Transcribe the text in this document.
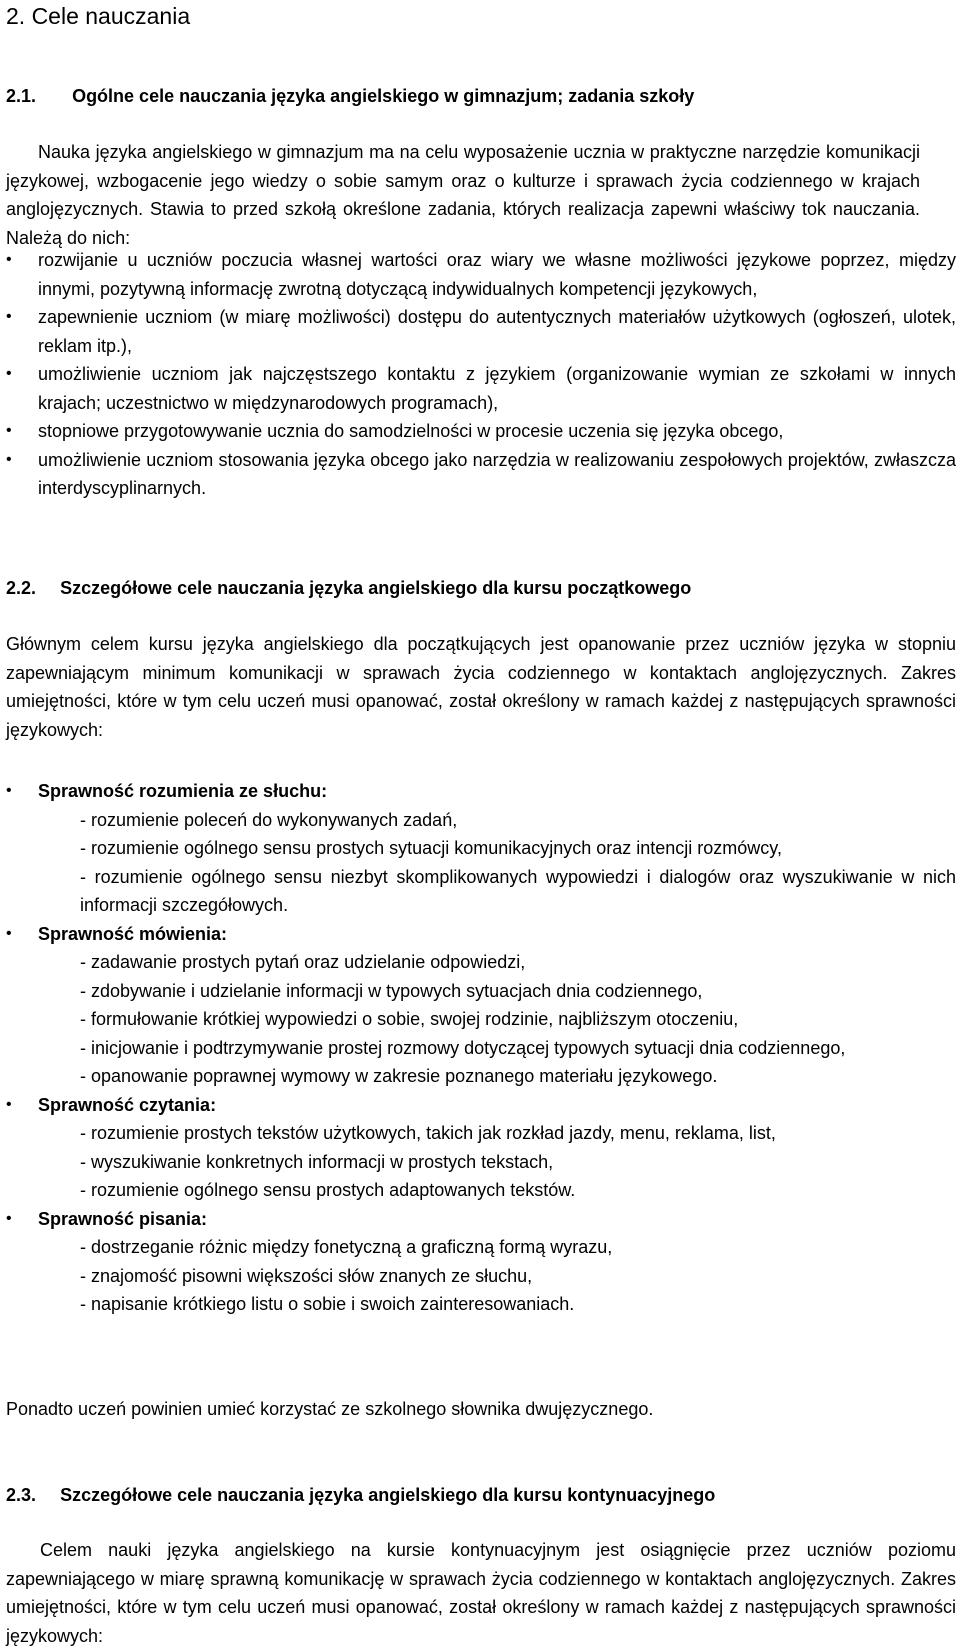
2. Cele nauczania
2.1. Ogólne cele nauczania języka angielskiego w gimnazjum; zadania szkoły
Nauka języka angielskiego w gimnazjum ma na celu wyposażenie ucznia w praktyczne narzędzie komunikacji językowej, wzbogacenie jego wiedzy o sobie samym oraz o kulturze i sprawach życia codziennego w krajach anglojęzycznych. Stawia to przed szkołą określone zadania, których realizacja zapewni właściwy tok nauczania. Należą do nich:
• rozwijanie u uczniów poczucia własnej wartości oraz wiary we własne możliwości językowe poprzez, między innymi, pozytywną informację zwrotną dotyczącą indywidualnych kompetencji językowych,
• zapewnienie uczniom (w miarę możliwości) dostępu do autentycznych materiałów użytkowych (ogłoszeń, ulotek, reklam itp.),
• umożliwienie uczniom jak najczęstszego kontaktu z językiem (organizowanie wymian ze szkołami w innych krajach; uczestnictwo w międzynarodowych programach),
• stopniowe przygotowywanie ucznia do samodzielności w procesie uczenia się języka obcego,
• umożliwienie uczniom stosowania języka obcego jako narzędzia w realizowaniu zespołowych projektów, zwłaszcza interdyscyplinarnych.
2.2. Szczegółowe cele nauczania języka angielskiego dla kursu początkowego
Głównym celem kursu języka angielskiego dla początkujących jest opanowanie przez uczniów języka w stopniu zapewniającym minimum komunikacji w sprawach życia codziennego w kontaktach anglojęzycznych. Zakres umiejętności, które w tym celu uczeń musi opanować, został określony w ramach każdej z następujących sprawności językowych:
• Sprawność rozumienia ze słuchu:
- rozumienie poleceń do wykonywanych zadań,
- rozumienie ogólnego sensu prostych sytuacji komunikacyjnych oraz intencji rozmówcy,
- rozumienie ogólnego sensu niezbyt skomplikowanych wypowiedzi i dialogów oraz wyszukiwanie w nich informacji szczegółowych.
• Sprawność mówienia:
- zadawanie prostych pytań oraz udzielanie odpowiedzi,
- zdobywanie i udzielanie informacji w typowych sytuacjach dnia codziennego,
- formułowanie krótkiej wypowiedzi o sobie, swojej rodzinie, najbliższym otoczeniu,
- inicjowanie i podtrzymywanie prostej rozmowy dotyczącej typowych sytuacji dnia codziennego,
- opanowanie poprawnej wymowy w zakresie poznanego materiału językowego.
• Sprawność czytania:
- rozumienie prostych tekstów użytkowych, takich jak rozkład jazdy, menu, reklama, list,
- wyszukiwanie konkretnych informacji w prostych tekstach,
- rozumienie ogólnego sensu prostych adaptowanych tekstów.
• Sprawność pisania:
- dostrzeganie różnic między fonetyczną a graficzną formą wyrazu,
- znajomość pisowni większości słów znanych ze słuchu,
- napisanie krótkiego listu o sobie i swoich zainteresowaniach.
Ponadto uczeń powinien umieć korzystać ze szkolnego słownika dwujęzycznego.
2.3. Szczegółowe cele nauczania języka angielskiego dla kursu kontynuacyjnego
Celem nauki języka angielskiego na kursie kontynuacyjnym jest osiągnięcie przez uczniów poziomu zapewniającego w miarę sprawną komunikację w sprawach życia codziennego w kontaktach anglojęzycznych. Zakres umiejętności, które w tym celu uczeń musi opanować, został określony w ramach każdej z następujących sprawności językowych:
